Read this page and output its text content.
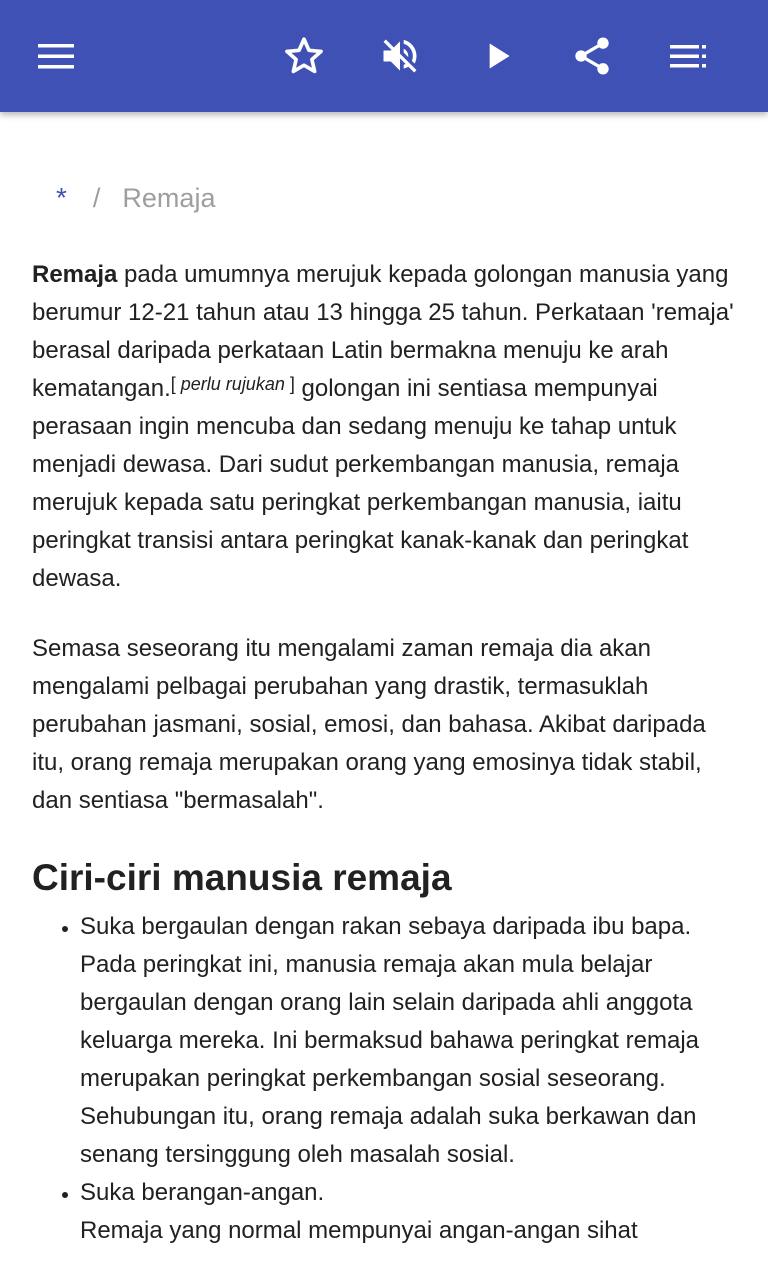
* / Remaja

Remaja pada umumnya merujuk kepada golongan manusia yang berumur 12-21 tahun atau 13 hingga 25 tahun. Perkataan 'remaja' berasal daripada perkataan Latin bermakna menuju ke arah kematangan.[ perlu rujukan ] golongan ini sentiasa mempunyai perasaan ingin mencuba dan sedang menuju ke tahap untuk menjadi dewasa. Dari sudut perkembangan manusia, remaja merujuk kepada satu peringkat perkembangan manusia, iaitu peringkat transisi antara peringkat kanak-kanak dan peringkat dewasa.

Semasa seseorang itu mengalami zaman remaja dia akan mengalami pelbagai perubahan yang drastik, termasuklah perubahan jasmani, sosial, emosi, dan bahasa. Akibat daripada itu, orang remaja merupakan orang yang emosinya tidak stabil, dan sentiasa "bermasalah".

Ciri-ciri manusia remaja
• Suka bergaulan dengan rakan sebaya daripada ibu bapa. Pada peringkat ini, manusia remaja akan mula belajar bergaulan dengan orang lain selain daripada ahli anggota keluarga mereka. Ini bermaksud bahawa peringkat remaja merupakan peringkat perkembangan sosial seseorang. Sehubungan itu, orang remaja adalah suka berkawan dan senang tersinggung oleh masalah sosial.
• Suka berangan-angan.
Remaja yang normal mempunyai angan-angan sihat
